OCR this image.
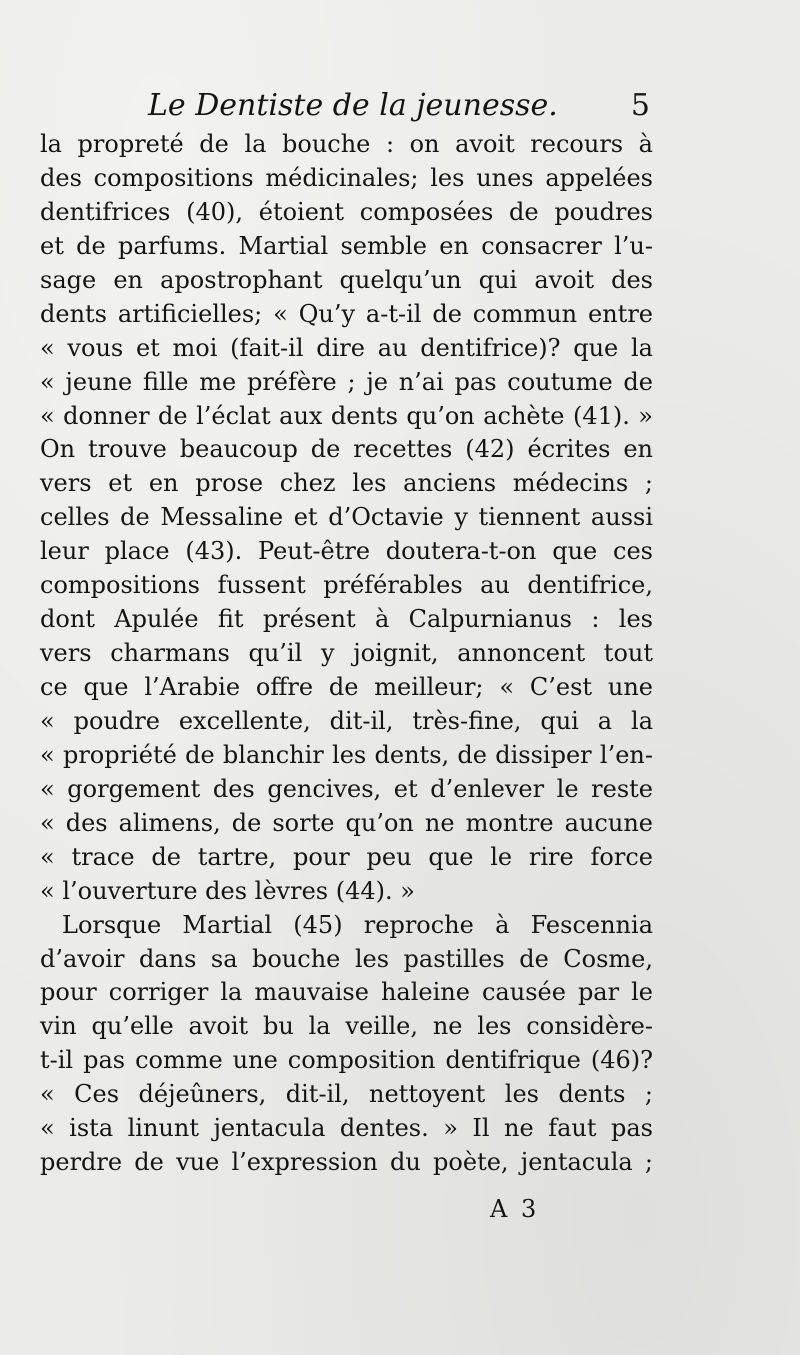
Le Dentiste de la jeunesse. 5
la propreté de la bouche : on avoit recours à
des compositions médicinales; les unes appelées
dentifrices (40), étoient composées de poudres
et de parfums. Martial semble en consacrer l’u-
sage en apostrophant quelqu’un qui avoit des
dents artificielles; « Qu’y a-t-il de commun entre
« vous et moi (fait-il dire au dentifrice)? que la
« jeune fille me préfère ; je n’ai pas coutume de
« donner de l’éclat aux dents qu’on achète (41). »
On trouve beaucoup de recettes (42) écrites en
vers et en prose chez les anciens médecins ;
celles de Messaline et d’Octavie y tiennent aussi
leur place (43). Peut-être doutera-t-on que ces
compositions fussent préférables au dentifrice,
dont Apulée fit présent à Calpurnianus : les
vers charmans qu’il y joignit, annoncent tout
ce que l’Arabie offre de meilleur; « C’est une
« poudre excellente, dit-il, très-fine, qui a la
« propriété de blanchir les dents, de dissiper l’en-
« gorgement des gencives, et d’enlever le reste
« des alimens, de sorte qu’on ne montre aucune
« trace de tartre, pour peu que le rire force
« l’ouverture des lèvres (44). »
Lorsque Martial (45) reproche à Fescennia
d’avoir dans sa bouche les pastilles de Cosme,
pour corriger la mauvaise haleine causée par le
vin qu’elle avoit bu la veille, ne les considère-
t-il pas comme une composition dentifrique (46)?
« Ces déjeûners, dit-il, nettoyent les dents ;
« ista linunt jentacula dentes. » Il ne faut pas
perdre de vue l’expression du poète, jentacula ;
A 3
